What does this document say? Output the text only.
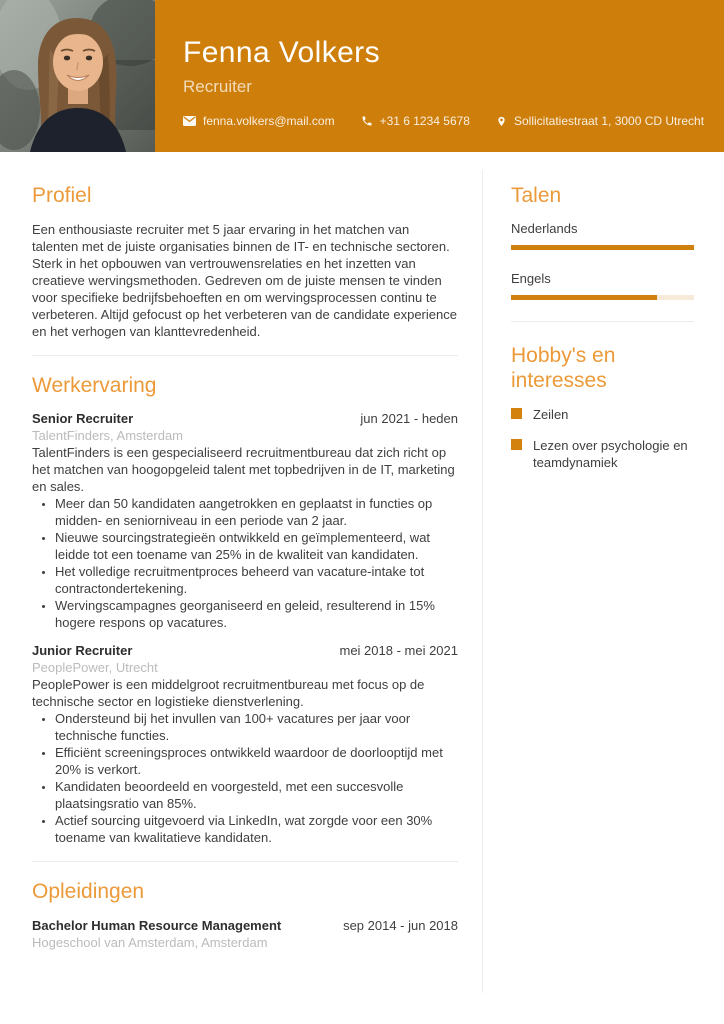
Fenna Volkers
Recruiter
fenna.volkers@mail.com	+31 6 1234 5678	Sollicitatiestraat 1, 3000 CD Utrecht
Profiel

Een enthousiaste recruiter met 5 jaar ervaring in het matchen van talenten met de juiste organisaties binnen de IT- en technische sectoren. Sterk in het opbouwen van vertrouwensrelaties en het inzetten van creatieve wervingsmethoden. Gedreven om de juiste mensen te vinden voor specifieke bedrijfsbehoeften en om wervingsprocessen continu te verbeteren. Altijd gefocust op het verbeteren van de candidate experience en het verhogen van klanttevredenheid.

Werkervaring
Senior Recruiter	jun 2021 - heden
TalentFinders, Amsterdam
TalentFinders is een gespecialiseerd recruitmentbureau dat zich richt op het matchen van hoogopgeleid talent met topbedrijven in de IT, marketing en sales.
• Meer dan 50 kandidaten aangetrokken en geplaatst in functies op midden- en seniorniveau in een periode van 2 jaar.
• Nieuwe sourcingstrategieën ontwikkeld en geïmplementeerd, wat leidde tot een toename van 25% in de kwaliteit van kandidaten.
• Het volledige recruitmentproces beheerd van vacature-intake tot contractondertekening.
• Wervingscampagnes georganiseerd en geleid, resulterend in 15% hogere respons op vacatures.
Junior Recruiter	mei 2018 - mei 2021
PeoplePower, Utrecht
PeoplePower is een middelgroot recruitmentbureau met focus op de technische sector en logistieke dienstverlening.
• Ondersteund bij het invullen van 100+ vacatures per jaar voor technische functies.
• Efficiënt screeningsproces ontwikkeld waardoor de doorlooptijd met 20% is verkort.
• Kandidaten beoordeeld en voorgesteld, met een succesvolle plaatsingsratio van 85%.
• Actief sourcing uitgevoerd via LinkedIn, wat zorgde voor een 30% toename van kwalitatieve kandidaten.
Opleidingen
Bachelor Human Resource Management	sep 2014 - jun 2018
Hogeschool van Amsterdam, Amsterdam
Talen
Nederlands
Engels
Hobby's en interesses
Zeilen
Lezen over psychologie en teamdynamiek
